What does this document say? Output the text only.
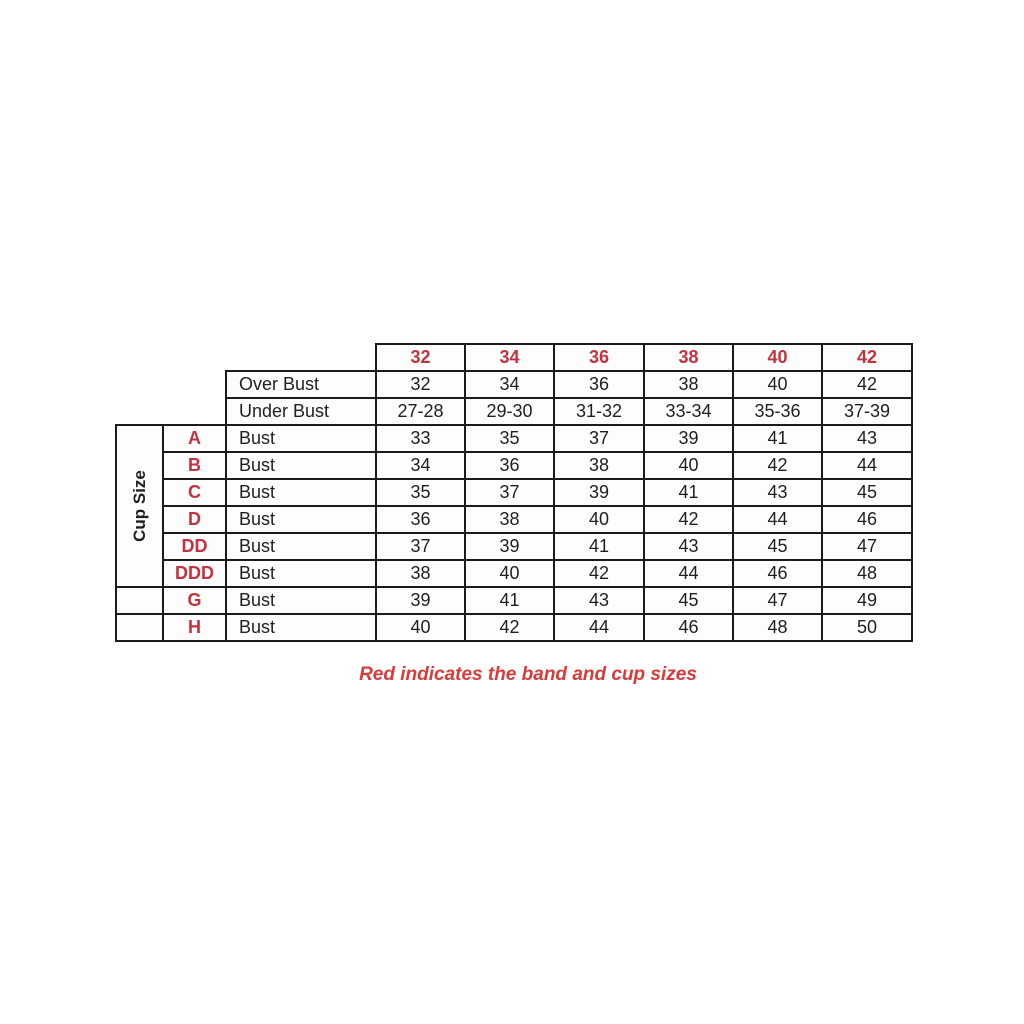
			32	34	36	38	40	42
		Over Bust	32	34	36	38	40	42
		Under Bust	27-28	29-30	31-32	33-34	35-36	37-39

Cup Size	A	Bust	33	35	37	39	41	43
	B	Bust	34	36	38	40	42	44
	C	Bust	35	37	39	41	43	45
	D	Bust	36	38	40	42	44	46
	DD	Bust	37	39	41	43	45	47
	DDD	Bust	38	40	42	44	46	48
	G	Bust	39	41	43	45	47	49
	H	Bust	40	42	44	46	48	50
Red indicates the band and cup sizes
